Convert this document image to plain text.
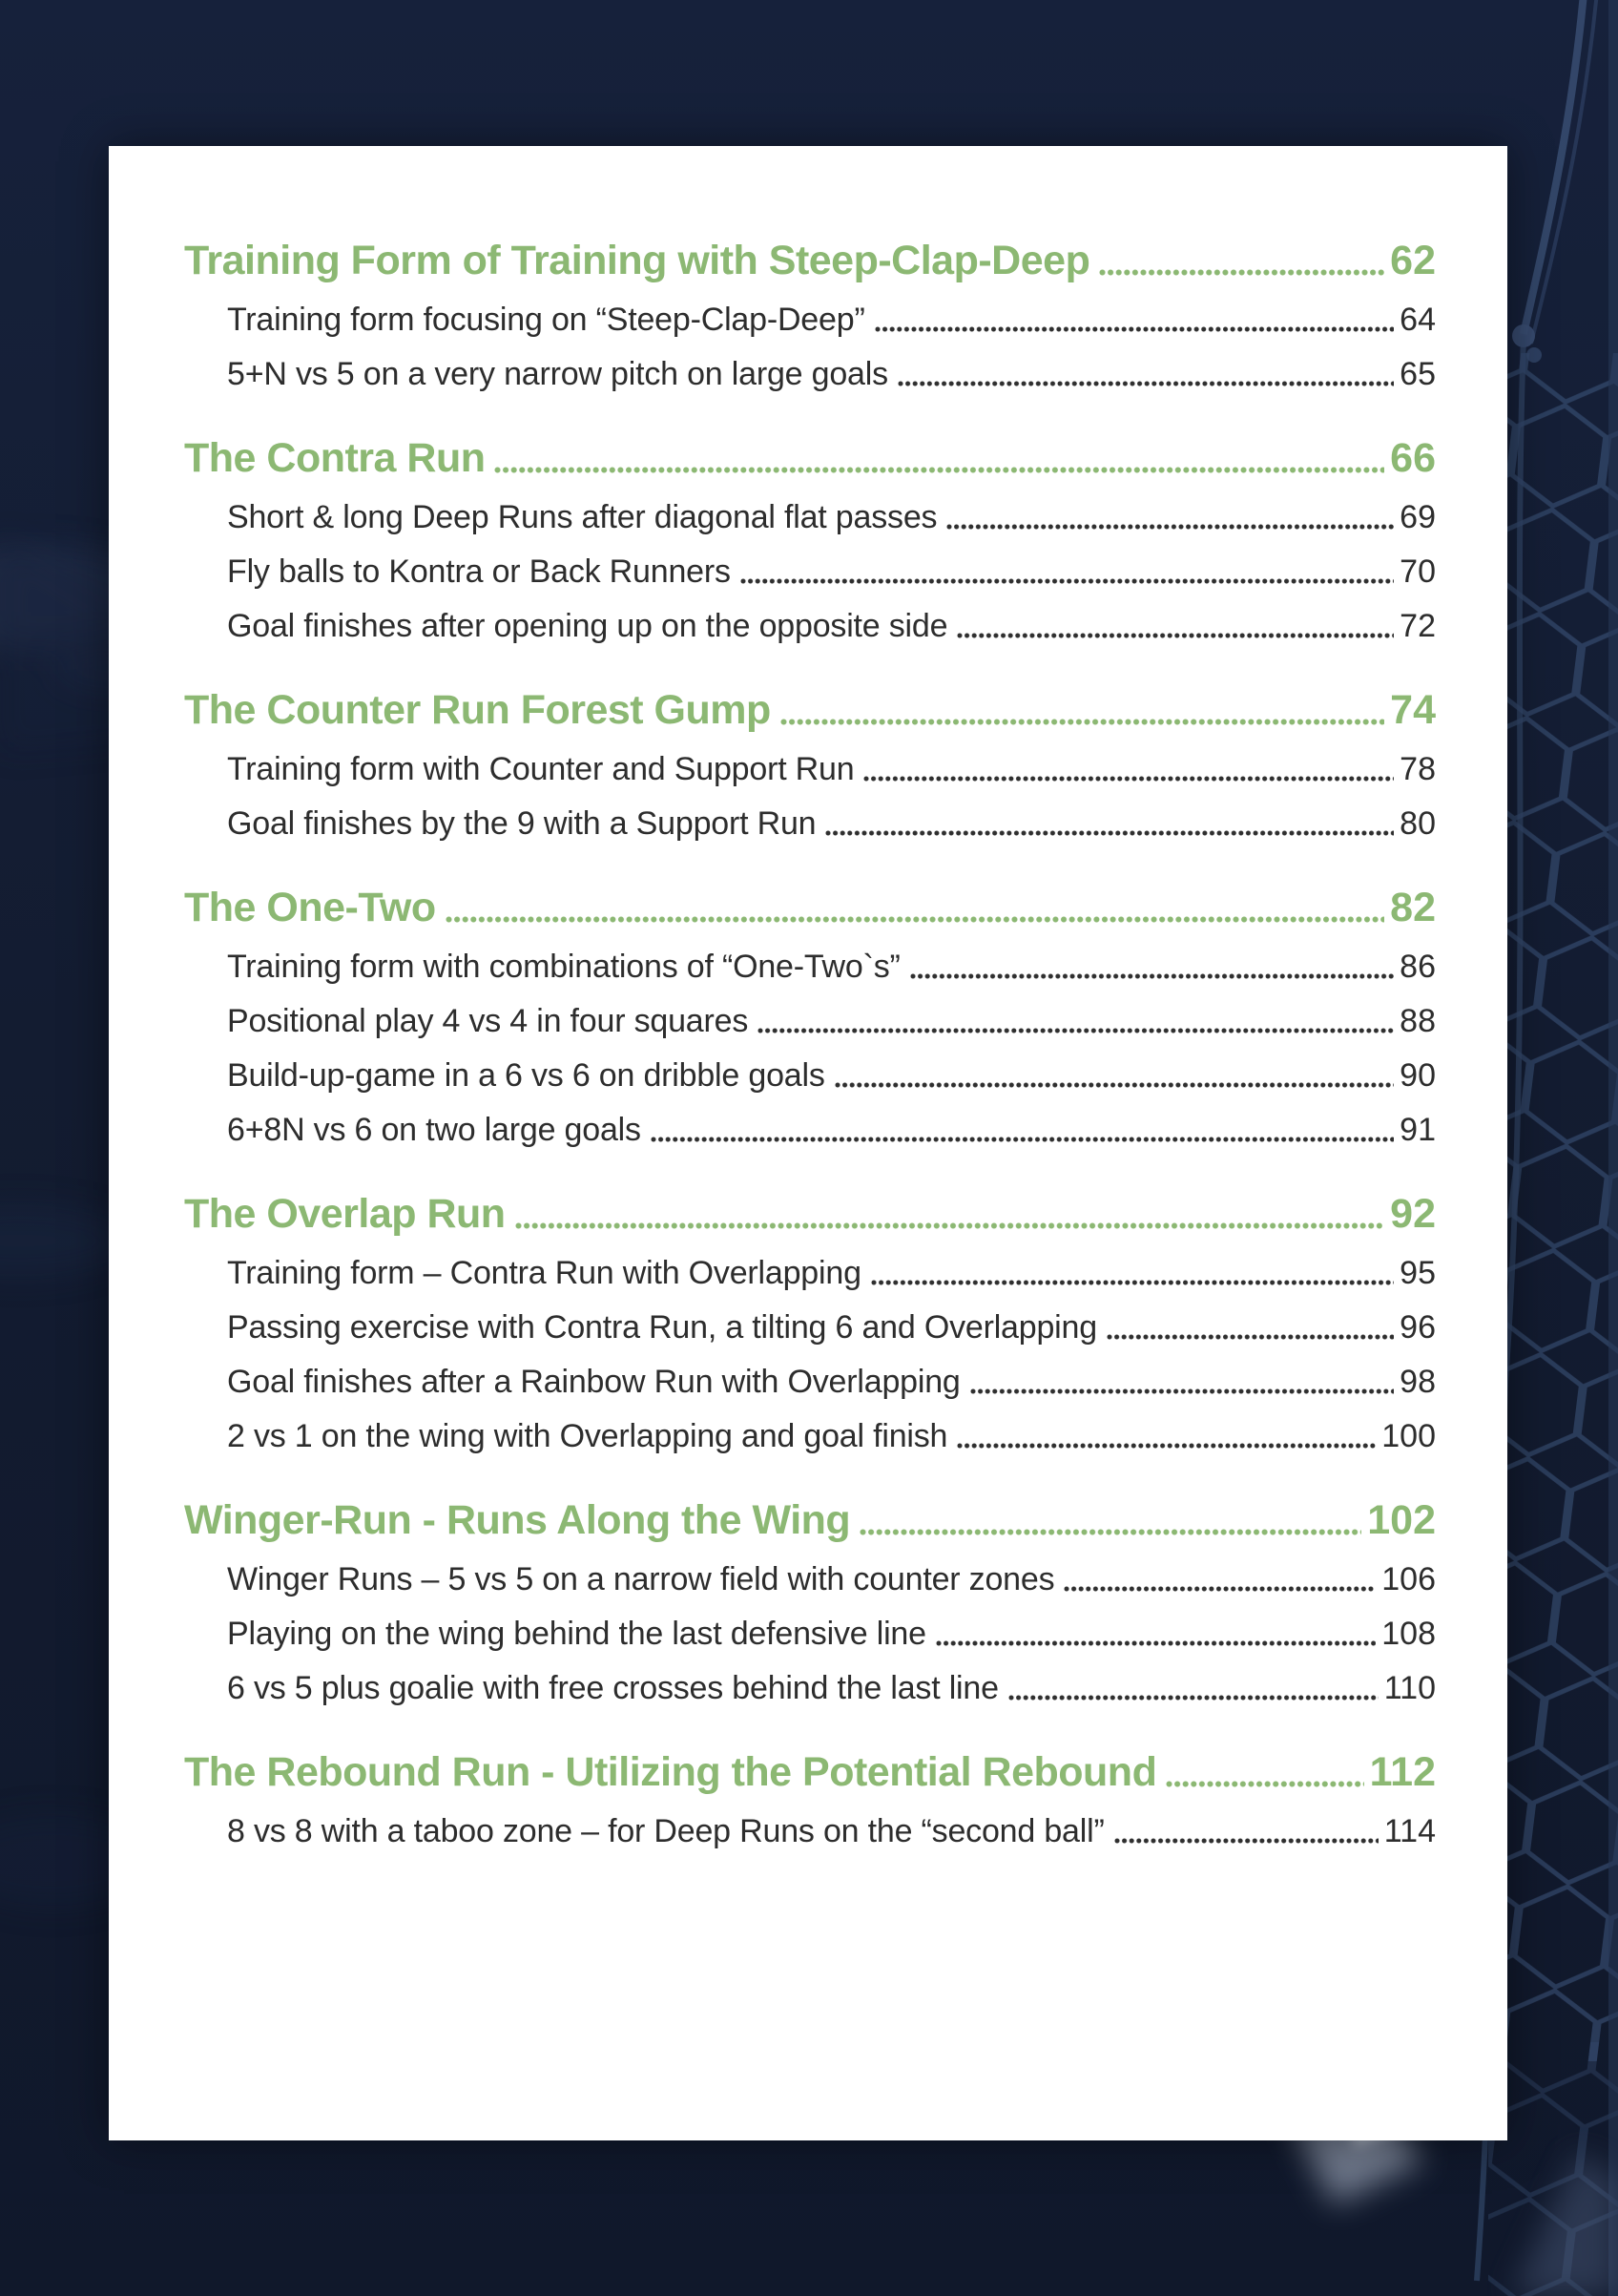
Training Form of Training with Steep-Clap-Deep	62
Training form focusing on “Steep-Clap-Deep”	64
5+N vs 5 on a very narrow pitch on large goals	65
The Contra Run	66
Short & long Deep Runs after diagonal flat passes	69
Fly balls to Kontra or Back Runners	70
Goal finishes after opening up on the opposite side	72
The Counter Run Forest Gump	74
Training form with Counter and Support Run	78
Goal finishes by the 9 with a Support Run	80
The One-Two	82
Training form with combinations of “One-Two`s”	86
Positional play 4 vs 4 in four squares	88
Build-up-game in a 6 vs 6 on dribble goals	90
6+8N vs 6 on two large goals	91
The Overlap Run	92
Training form – Contra Run with Overlapping	95
Passing exercise with Contra Run, a tilting 6 and Overlapping	96
Goal finishes after a Rainbow Run with Overlapping	98
2 vs 1 on the wing with Overlapping and goal finish	100
Winger-Run - Runs Along the Wing	102
Winger Runs – 5 vs 5 on a narrow field with counter zones	106
Playing on the wing behind the last defensive line	108
6 vs 5 plus goalie with free crosses behind the last line	110
The Rebound Run - Utilizing the Potential Rebound	112
8 vs 8 with a taboo zone – for Deep Runs on the “second ball”	114
